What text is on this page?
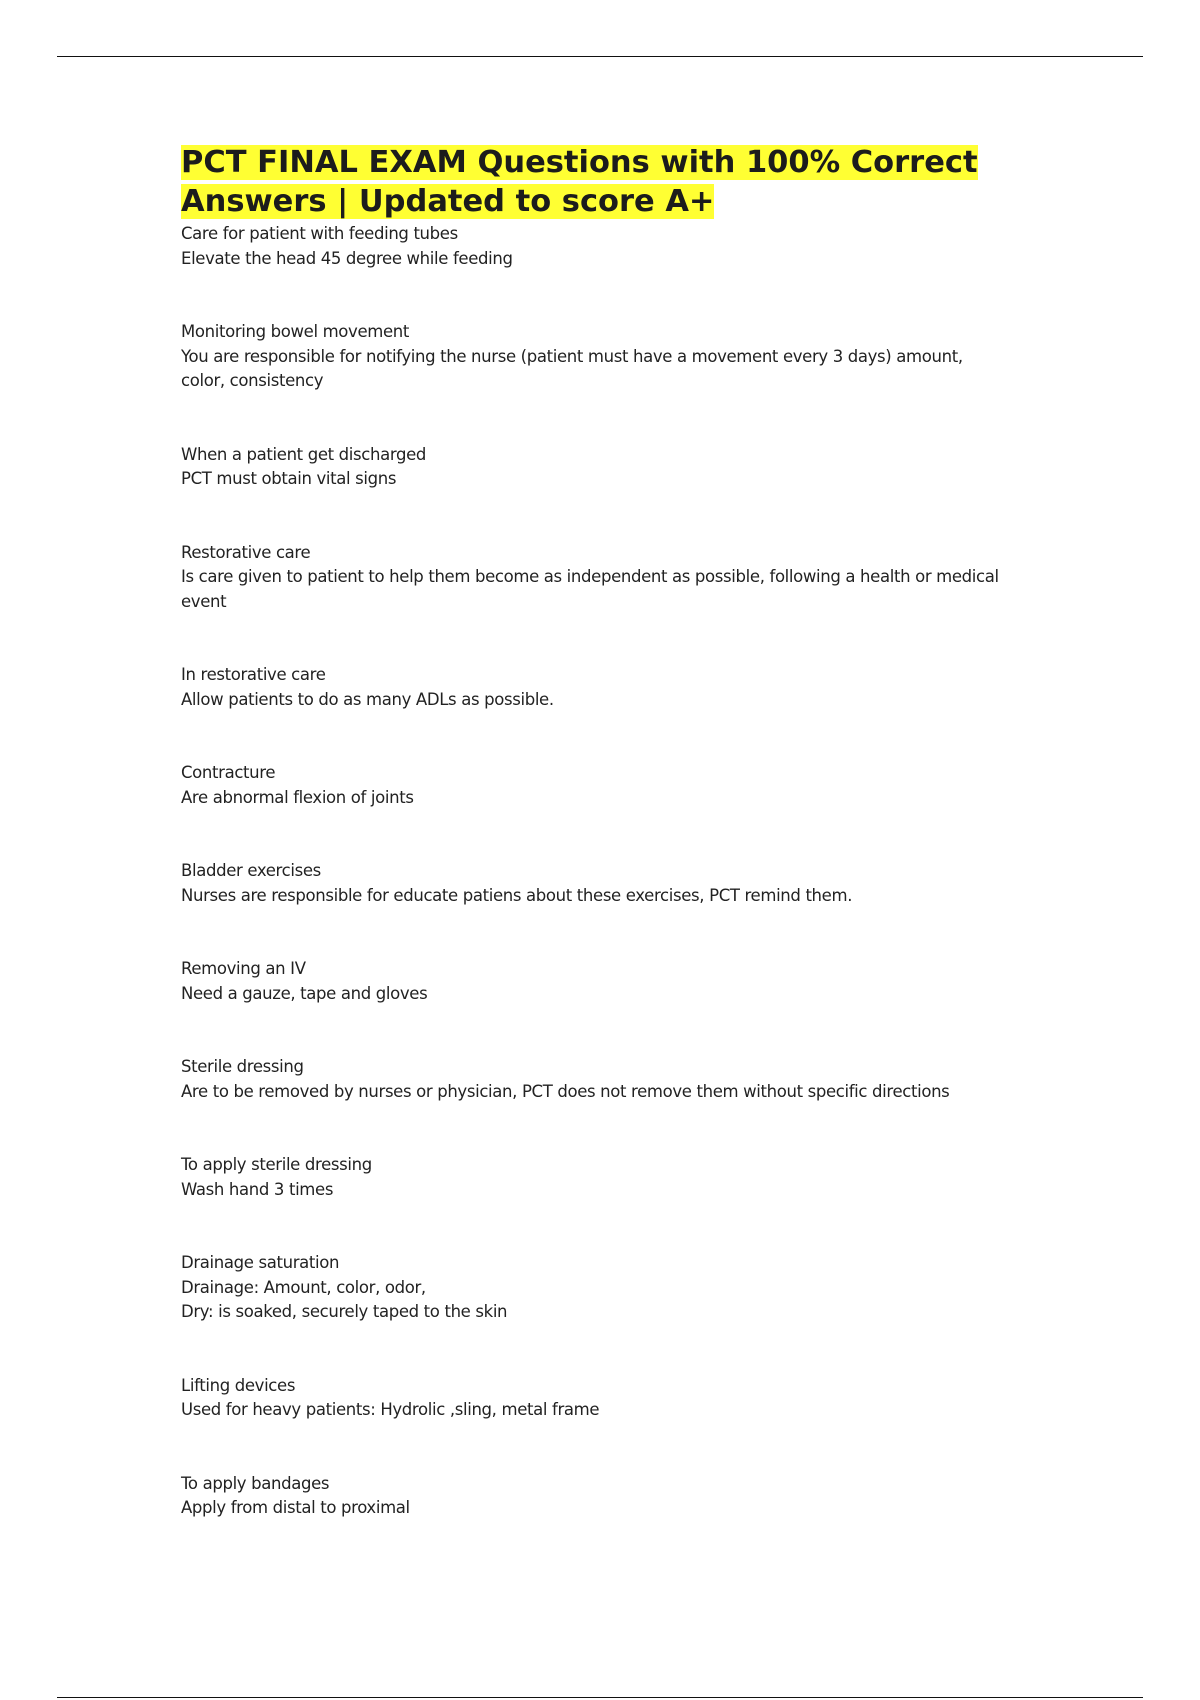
PCT FINAL EXAM Questions with 100% Correct Answers | Updated to score A+
Care for patient with feeding tubes
Elevate the head 45 degree while feeding
Monitoring bowel movement
You are responsible for notifying the nurse (patient must have a movement every 3 days) amount, color, consistency
When a patient get discharged
PCT must obtain vital signs
Restorative care
Is care given to patient to help them become as independent as possible, following a health or medical event
In restorative care
Allow patients to do as many ADLs as possible.
Contracture
Are abnormal flexion of joints
Bladder exercises
Nurses are responsible for educate patiens about these exercises, PCT remind them.
Removing an IV
Need a gauze, tape and gloves
Sterile dressing
Are to be removed by nurses or physician, PCT does not remove them without specific directions
To apply sterile dressing
Wash hand 3 times
Drainage saturation
Drainage: Amount, color, odor,
Dry: is soaked, securely taped to the skin
Lifting devices
Used for heavy patients: Hydrolic ,sling, metal frame
To apply bandages
Apply from distal to proximal
